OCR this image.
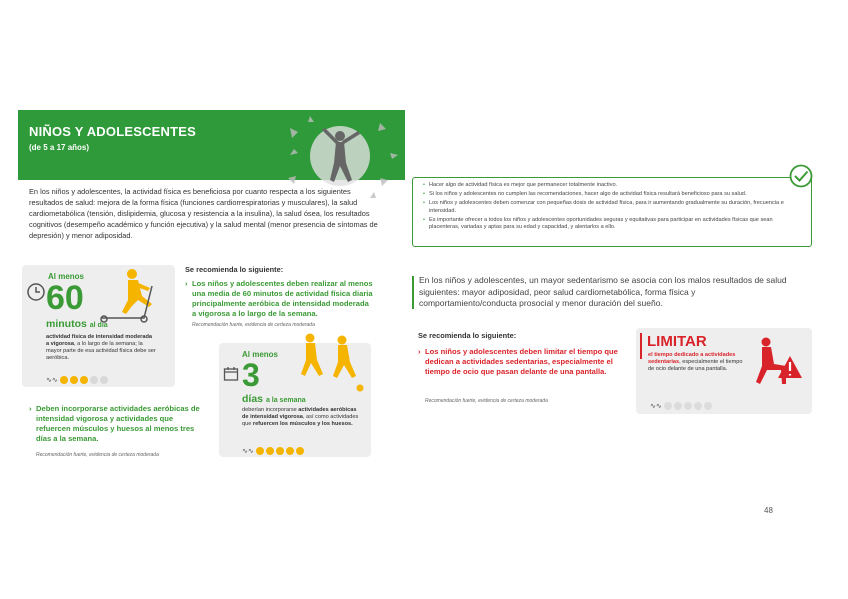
NIÑOS Y ADOLESCENTES
(de 5 a 17 años)
En los niños y adolescentes, la actividad física es beneficiosa por cuanto respecta a los siguientes resultados de salud: mejora de la forma física (funciones cardiorrespiratorias y musculares), la salud cardiometabólica (tensión, dislipidemia, glucosa y resistencia a la insulina), la salud ósea, los resultados cognitivos (desempeño académico y función ejecutiva) y la salud mental (menor presencia de síntomas de depresión) y menor adiposidad.
Al menos
60
minutos al día
actividad física de intensidad moderada a vigorosa, a lo largo de la semana; la mayor parte de esa actividad física debe ser aeróbica.
∿∿
Se recomienda lo siguiente:
› Los niños y adolescentes deben realizar al menos una media de 60 minutos de actividad física diaria principalmente aeróbica de intensidad moderada a vigorosa a lo largo de la semana.
Recomendación fuerte, evidencia de certeza moderada
Al menos
3
días a la semana
deberían incorporarse actividades aeróbicas de intensidad vigorosa, así como actividades que refuercen los músculos y los huesos.
∿∿
› Deben incorporarse actividades aeróbicas de intensidad vigorosa y actividades que refuercen músculos y huesos al menos tres días a la semana.
Recomendación fuerte, evidencia de certeza moderada
• Hacer algo de actividad física es mejor que permanecer totalmente inactivo.
• Si los niños y adolescentes no cumplen las recomendaciones, hacer algo de actividad física resultará beneficioso para su salud.
• Los niños y adolescentes deben comenzar con pequeñas dosis de actividad física, para ir aumentando gradualmente su duración, frecuencia e intensidad.
• Es importante ofrecer a todos los niños y adolescentes oportunidades seguras y equitativas para participar en actividades físicas que sean placenteras, variadas y aptas para su edad y capacidad, y alentarlos a ello.
En los niños y adolescentes, un mayor sedentarismo se asocia con los malos resultados de salud siguientes: mayor adiposidad, peor salud cardiometabólica, forma física y comportamiento/conducta prosocial y menor duración del sueño.
Se recomienda lo siguiente:
› Los niños y adolescentes deben limitar el tiempo que dedican a actividades sedentarias, especialmente el tiempo de ocio que pasan delante de una pantalla.
Recomendación fuerte, evidencia de certeza moderada
LIMITAR
el tiempo dedicado a actividades sedentarias, especialmente el tiempo de ocio delante de una pantalla.
∿∿
48
